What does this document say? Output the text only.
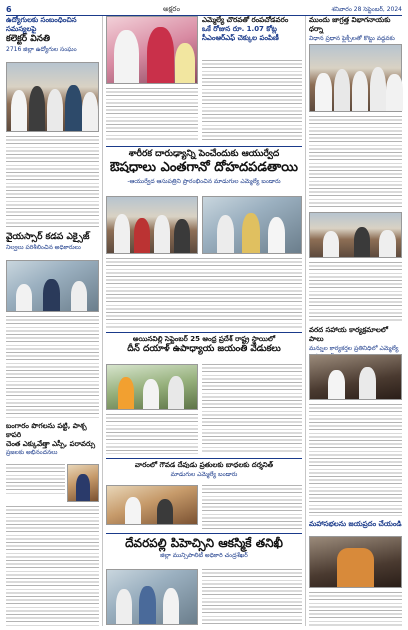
6	అక్షరం	శనివారం 28 సెప్టెంబర్, 2024
ఉద్యోగులకు సంబంధించిన సమస్యలపై
కలెక్టర్ వినతి
2716 జిల్లా ఉద్యోగుల సంఘం
వైయస్సార్ కడప ఎక్సైజ్
నిల్వలు పరిశీలించిన అధికారులు
బంగారం పొగలను పట్టి, పాశ్చ కాపరి
చెంత ఎక్కువేత్తా ఎస్పీ, పరావర్సు
ప్రజలకు అభినందనలు
ఎమ్మెల్యే చొరవతో రంపచోడవరం
ఒకే రోజున రూ. 1.07 కోట్ల సీఎంఆర్ఎఫ్ చెక్కుల పంపిణీ
శారీరక దారుఢ్యాన్ని పెంచేందుకు ఆయుర్వేద
ఔషధాలు ఎంతగానో దోహదపడతాయి
-ఆయుర్వేద ఆసుపత్రిని ప్రారంభించిన మాడుగుల ఎమ్మెల్యే బండారు
అయినవిల్లి సెప్టెంబర్ 25 ఆంధ్ర ప్రదేశ్ రాష్ట్ర స్థాయిలో
దీన్ దయాళ్ ఉపాధ్యాయ జయంతి వేడుకలు
వారంలో గౌవడ దేవుడు ప్రతులకు బాధలకు దర్శనిత్
మాడుగుల ఎమ్మెల్యే బండారు
దేవరపల్లి పిహెచ్సిని ఆకస్మికే తనిఖీ
జిల్లా మున్సిపాలిటీ అధికారి చంద్రశేఖర్
ముందు జాగ్రత్త విభాగనాయకు ధర్నా
విధాన ప్రధాన ఫ్లెక్సీలతో కొట్టు వద్దవకు
వరద సహాయ కార్యక్రమాలలో పాలు
మన్నుల కార్యకర్తల ప్రతినిధిలో ఎమ్మెల్యే
మహాసభలను జయప్రదం చేయండి
